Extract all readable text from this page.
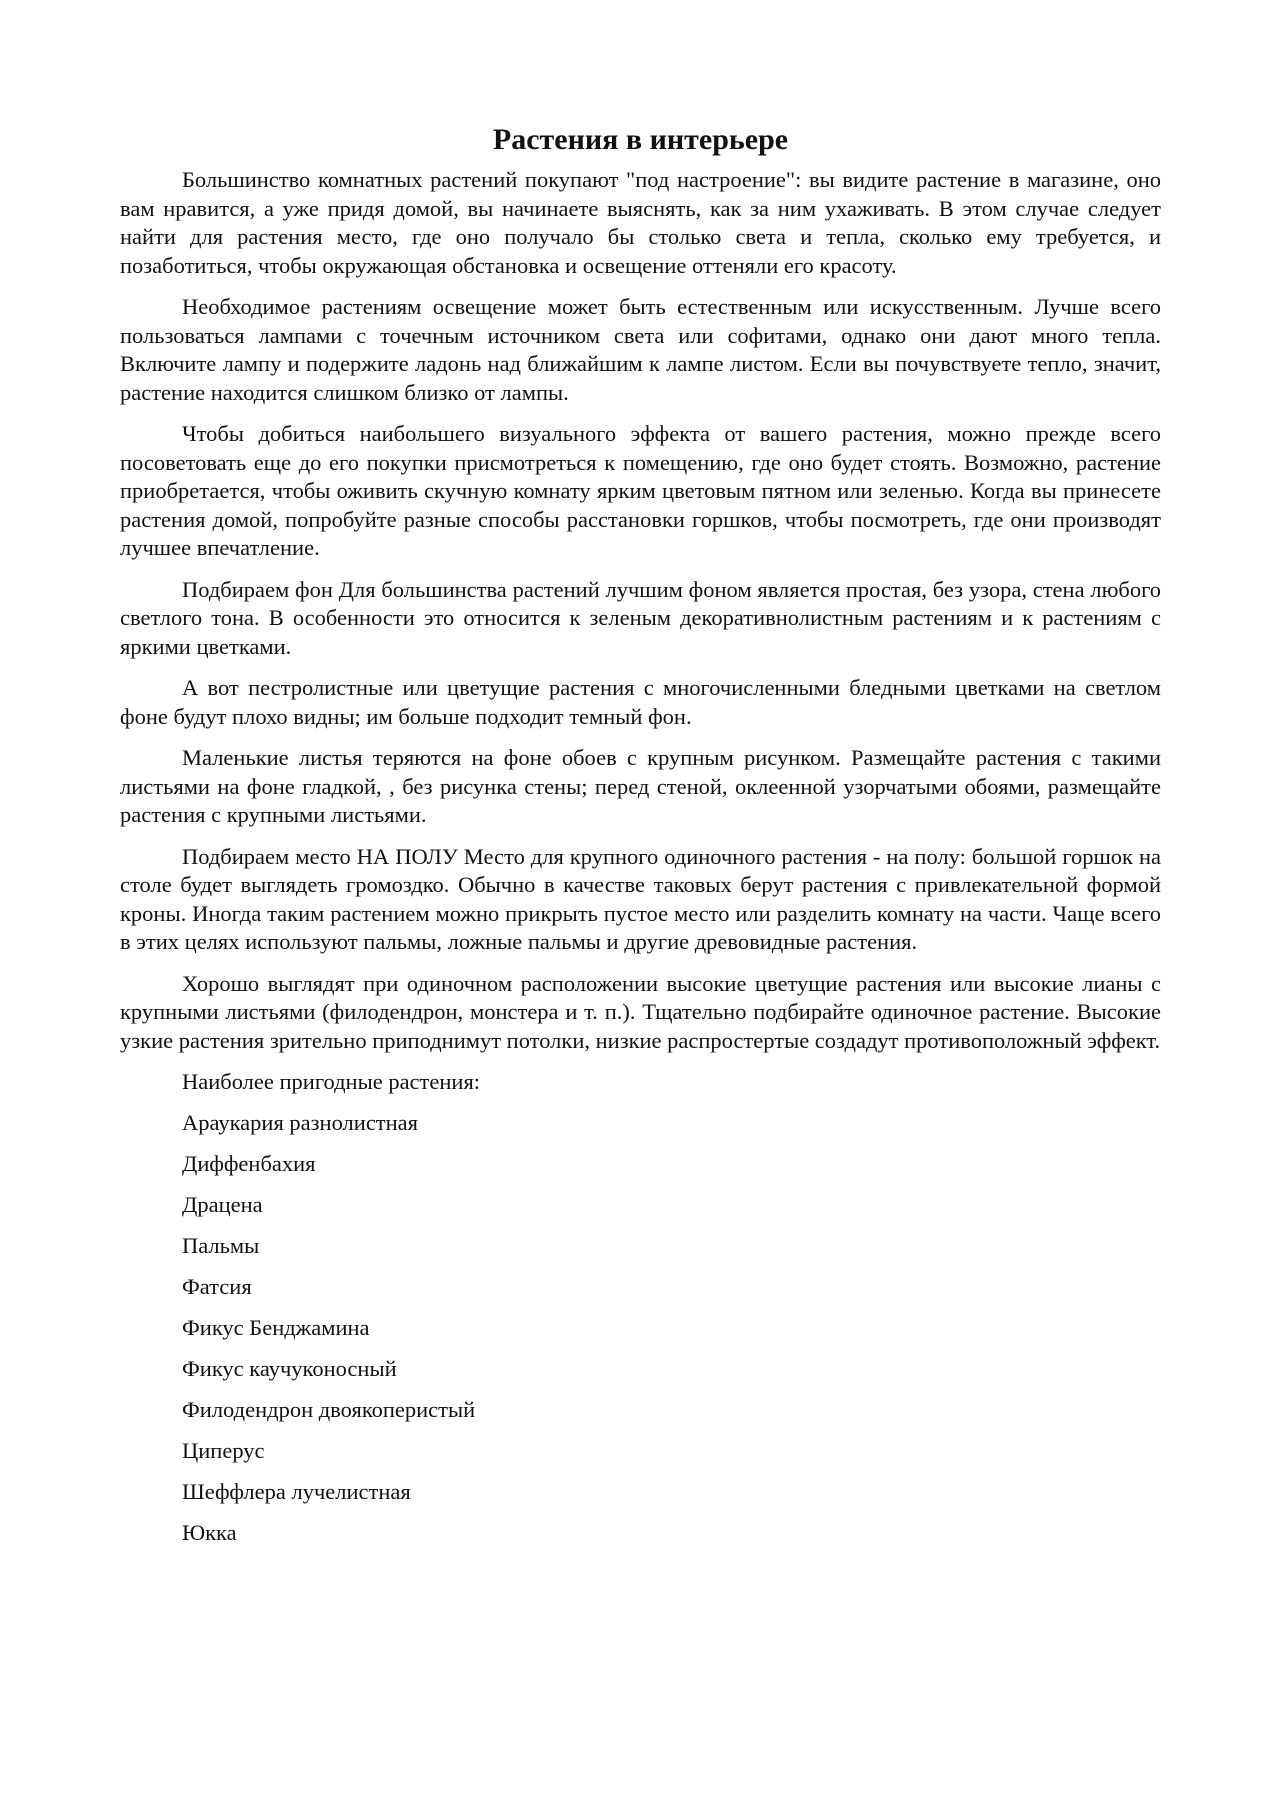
Растения в интерьере

Большинство комнатных растений покупают "под настроение": вы видите растение в магазине, оно вам нравится, а уже придя домой, вы начинаете выяснять, как за ним ухаживать. В этом случае следует найти для растения место, где оно получало бы столько света и тепла, сколько ему требуется, и позаботиться, чтобы окружающая обстановка и освещение оттеняли его красоту.

Необходимое растениям освещение может быть естественным или искусственным. Лучше всего пользоваться лампами с точечным источником света или софитами, однако они дают много тепла. Включите лампу и подержите ладонь над ближайшим к лампе листом. Если вы почувствуете тепло, значит, растение находится слишком близко от лампы.

Чтобы добиться наибольшего визуального эффекта от вашего растения, можно прежде всего посоветовать еще до его покупки присмотреться к помещению, где оно будет стоять. Возможно, растение приобретается, чтобы оживить скучную комнату ярким цветовым пятном или зеленью. Когда вы принесете растения домой, попробуйте разные способы расстановки горшков, чтобы посмотреть, где они производят лучшее впечатление.

Подбираем фон Для большинства растений лучшим фоном является простая, без узора, стена любого светлого тона. В особенности это относится к зеленым декоративнолистным растениям и к растениям с яркими цветками.

А вот пестролистные или цветущие растения с многочисленными бледными цветками на светлом фоне будут плохо видны; им больше подходит темный фон.

Маленькие листья теряются на фоне обоев с крупным рисунком. Размещайте растения с такими листьями на фоне гладкой, , без рисунка стены; перед стеной, оклеенной узорчатыми обоями, размещайте растения с крупными листьями.

Подбираем место НА ПОЛУ Место для крупного одиночного растения - на полу: большой горшок на столе будет выглядеть громоздко. Обычно в качестве таковых берут растения с привлекательной формой кроны. Иногда таким растением можно прикрыть пустое место или разделить комнату на части. Чаще всего в этих целях используют пальмы, ложные пальмы и другие древовидные растения.

Хорошо выглядят при одиночном расположении высокие цветущие растения или высокие лианы с крупными листьями (филодендрон, монстера и т. п.). Тщательно подбирайте одиночное растение. Высокие узкие растения зрительно приподнимут потолки, низкие распростертые создадут противоположный эффект.

Наиболее пригодные растения:

Араукария разнолистная
Диффенбахия
Драцена
Пальмы
Фатсия
Фикус Бенджамина
Фикус каучуконосный
Филодендрон двоякоперистый
Циперус
Шеффлера лучелистная
Юкка
